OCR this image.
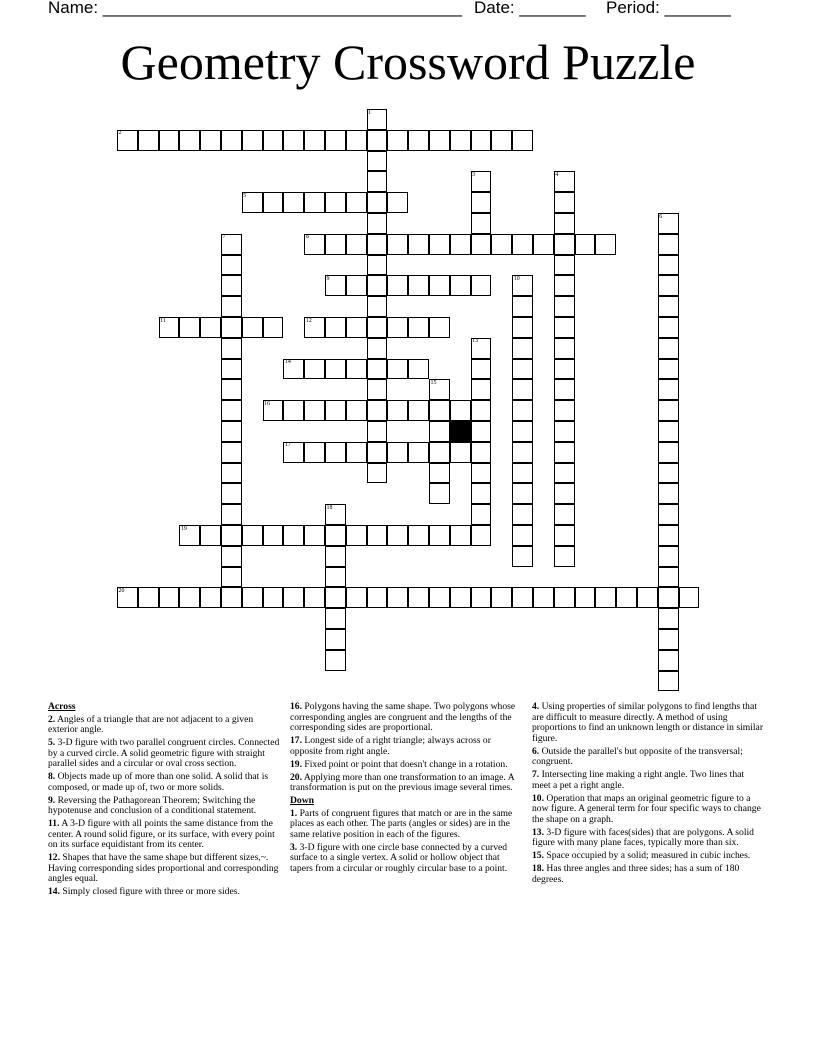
Name: ______________________________________ Date: _______ Period: _______
Geometry Crossword Puzzle
1
2
3	4
5
6
7	8
9	10
11	12
13
14
15
16
17
18
19
20
Across
2. Angles of a triangle that are not adjacent to a given exterior angle.
5. 3-D figure with two parallel congruent circles. Connected by a curved circle. A solid geometric figure with straight parallel sides and a circular or oval cross section.
8. Objects made up of more than one solid. A solid that is composed, or made up of, two or more solids.
9. Reversing the Pathagorean Theorem; Switching the hypotenuse and conclusion of a conditional statement.
11. A 3-D figure with all points the same distance from the center. A round solid figure, or its surface, with every point on its surface equidistant from its center.
12. Shapes that have the same shape but different sizes,~. Having corresponding sides proportional and corresponding angles equal.
14. Simply closed figure with three or more sides.
16. Polygons having the same shape. Two polygons whose corresponding angles are congruent and the lengths of the corresponding sides are proportional.
17. Longest side of a right triangle; always across or opposite from right angle.
19. Fixed point or point that doesn't change in a rotation.
20. Applying more than one transformation to an image. A transformation is put on the previous image several times.
Down
1. Parts of congruent figures that match or are in the same places as each other. The parts (angles or sides) are in the same relative position in each of the figures.
3. 3-D figure with one circle base connected by a curved surface to a single vertex. A solid or hollow object that tapers from a circular or roughly circular base to a point.
4. Using properties of similar polygons to find lengths that are difficult to measure directly. A method of using proportions to find an unknown length or distance in similar figure.
6. Outside the parallel's but opposite of the transversal; congruent.
7. Intersecting line making a right angle. Two lines that meet a pet a right angle.
10. Operation that maps an original geometric figure to a now figure. A general term for four specific ways to change the shape on a graph.
13. 3-D figure with faces(sides) that are polygons. A solid figure with many plane faces, typically more than six.
15. Space occupied by a solid; measured in cubic inches.
18. Has three angles and three sides; has a sum of 180 degrees.
